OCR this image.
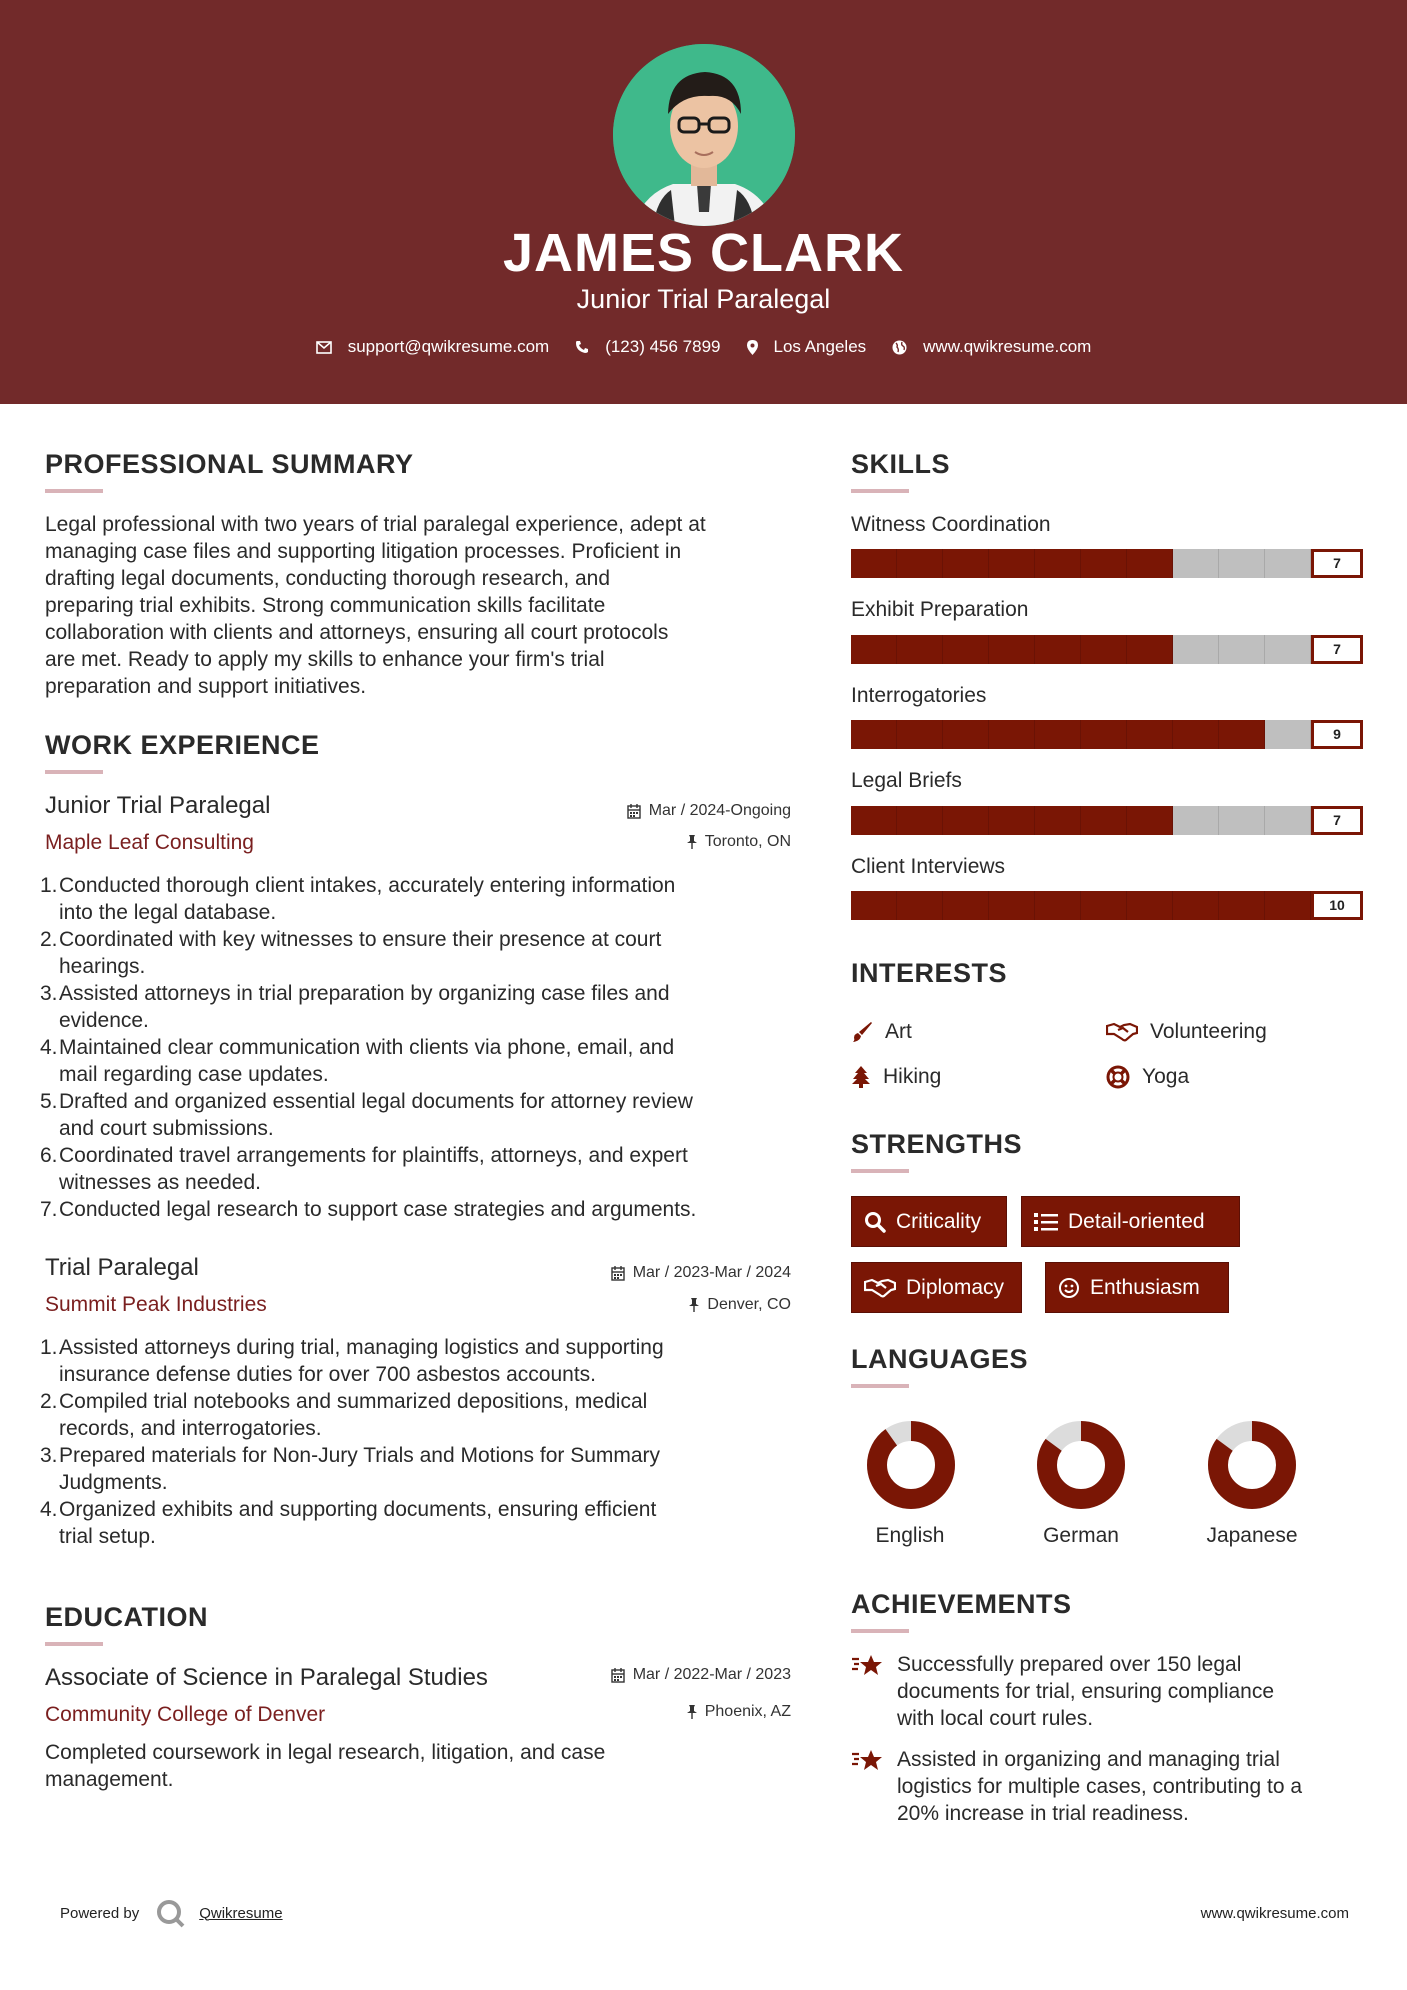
JAMES CLARK
Junior Trial Paralegal
support@qwikresume.com	(123) 456 7899	Los Angeles	www.qwikresume.com
PROFESSIONAL SUMMARY
Legal professional with two years of trial paralegal experience, adept at
managing case files and supporting litigation processes. Proficient in
drafting legal documents, conducting thorough research, and
preparing trial exhibits. Strong communication skills facilitate
collaboration with clients and attorneys, ensuring all court protocols
are met. Ready to apply my skills to enhance your firm's trial
preparation and support initiatives.
WORK EXPERIENCE
Junior Trial Paralegal
Maple Leaf Consulting
Mar / 2024-Ongoing
Toronto, ON
1. Conducted thorough client intakes, accurately entering information
into the legal database.
2. Coordinated with key witnesses to ensure their presence at court
hearings.
3. Assisted attorneys in trial preparation by organizing case files and
evidence.
4. Maintained clear communication with clients via phone, email, and
mail regarding case updates.
5. Drafted and organized essential legal documents for attorney review
and court submissions.
6. Coordinated travel arrangements for plaintiffs, attorneys, and expert
witnesses as needed.
7. Conducted legal research to support case strategies and arguments.
Trial Paralegal
Summit Peak Industries
Mar / 2023-Mar / 2024
Denver, CO
1. Assisted attorneys during trial, managing logistics and supporting
insurance defense duties for over 700 asbestos accounts.
2. Compiled trial notebooks and summarized depositions, medical
records, and interrogatories.
3. Prepared materials for Non-Jury Trials and Motions for Summary
Judgments.
4. Organized exhibits and supporting documents, ensuring efficient
trial setup.
EDUCATION
Associate of Science in Paralegal Studies
Community College of Denver
Mar / 2022-Mar / 2023
Phoenix, AZ
Completed coursework in legal research, litigation, and case
management.
SKILLS
Witness Coordination
7
Exhibit Preparation
7
Interrogatories
9
Legal Briefs
7
Client Interviews
10
INTERESTS
Art	Volunteering
Hiking	Yoga
STRENGTHS
Criticality	Detail-oriented
Diplomacy	Enthusiasm
LANGUAGES
English	German	Japanese
ACHIEVEMENTS
Successfully prepared over 150 legal
documents for trial, ensuring compliance
with local court rules.
Assisted in organizing and managing trial
logistics for multiple cases, contributing to a
20% increase in trial readiness.
Powered by	Qwikresume	www.qwikresume.com
